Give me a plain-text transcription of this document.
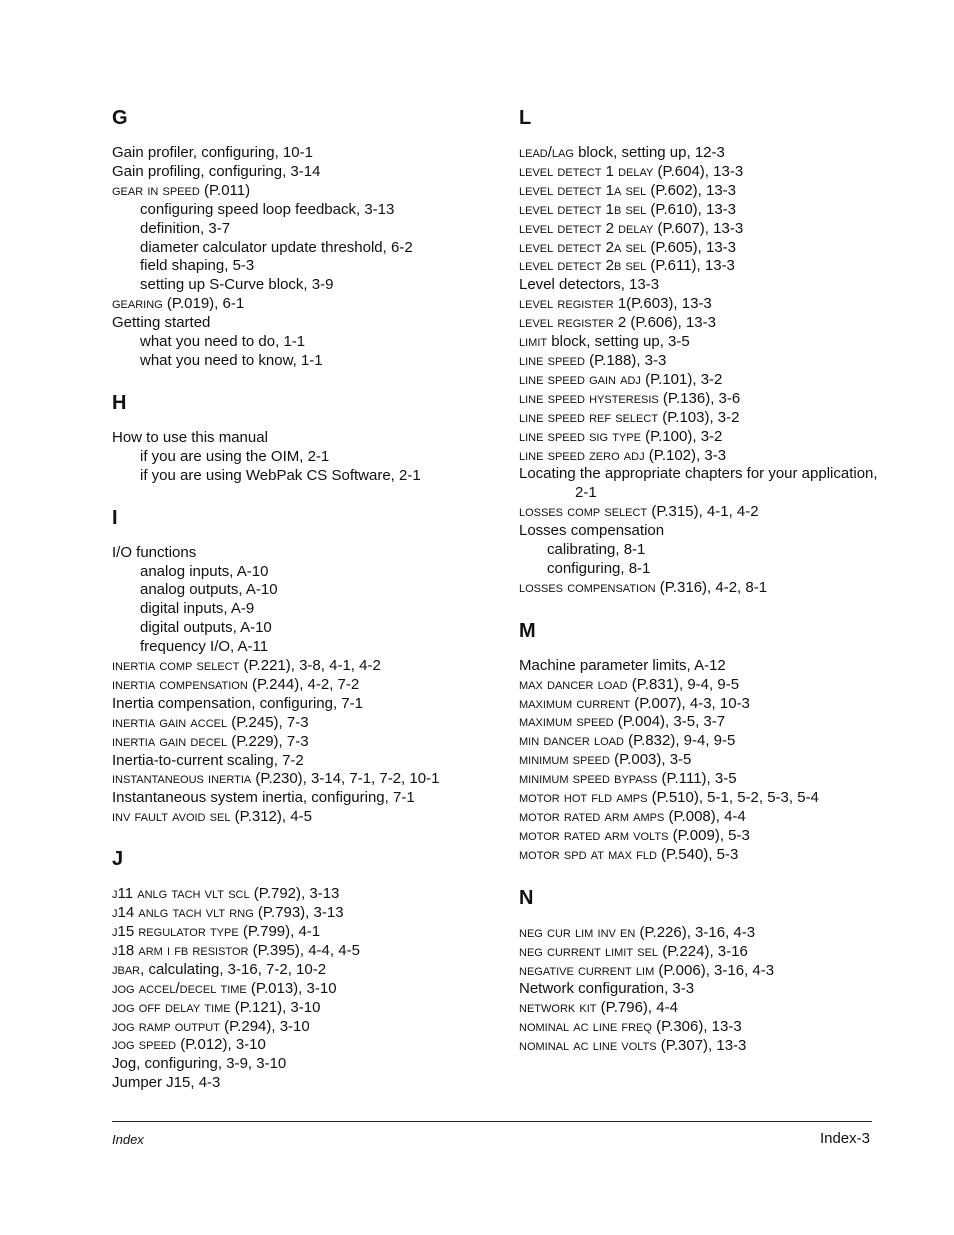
G
Gain profiler, configuring, 10-1
Gain profiling, configuring, 3-14
gear in speed (P.011)
configuring speed loop feedback, 3-13
definition, 3-7
diameter calculator update threshold, 6-2
field shaping, 5-3
setting up S-Curve block, 3-9
gearing (P.019), 6-1
Getting started
what you need to do, 1-1
what you need to know, 1-1
H
How to use this manual
if you are using the OIM, 2-1
if you are using WebPak CS Software, 2-1
I
I/O functions
analog inputs, A-10
analog outputs, A-10
digital inputs, A-9
digital outputs, A-10
frequency I/O, A-11
inertia comp select (P.221), 3-8, 4-1, 4-2
inertia compensation (P.244), 4-2, 7-2
Inertia compensation, configuring, 7-1
inertia gain accel (P.245), 7-3
inertia gain decel (P.229), 7-3
Inertia-to-current scaling, 7-2
instantaneous inertia (P.230), 3-14, 7-1, 7-2, 10-1
Instantaneous system inertia, configuring, 7-1
inv fault avoid sel (P.312), 4-5
J
j11 anlg tach vlt scl (P.792), 3-13
j14 anlg tach vlt rng (P.793), 3-13
j15 regulator type (P.799), 4-1
j18 arm i fb resistor (P.395), 4-4, 4-5
jbar, calculating, 3-16, 7-2, 10-2
jog accel/decel time (P.013), 3-10
jog off delay time (P.121), 3-10
jog ramp output (P.294), 3-10
jog speed (P.012), 3-10
Jog, configuring, 3-9, 3-10
Jumper J15, 4-3
L
lead/lag block, setting up, 12-3
level detect 1 delay (P.604), 13-3
level detect 1a sel (P.602), 13-3
level detect 1b sel (P.610), 13-3
level detect 2 delay (P.607), 13-3
level detect 2a sel (P.605), 13-3
level detect 2b sel (P.611), 13-3
Level detectors, 13-3
level register 1(P.603), 13-3
level register 2 (P.606), 13-3
limit block, setting up, 3-5
line speed (P.188), 3-3
line speed gain adj (P.101), 3-2
line speed hysteresis (P.136), 3-6
line speed ref select (P.103), 3-2
line speed sig type (P.100), 3-2
line speed zero adj (P.102), 3-3
Locating the appropriate chapters for your application, 2-1
losses comp select (P.315), 4-1, 4-2
Losses compensation
calibrating, 8-1
configuring, 8-1
losses compensation (P.316), 4-2, 8-1
M
Machine parameter limits, A-12
max dancer load (P.831), 9-4, 9-5
maximum current (P.007), 4-3, 10-3
maximum speed (P.004), 3-5, 3-7
min dancer load (P.832), 9-4, 9-5
minimum speed (P.003), 3-5
minimum speed bypass (P.111), 3-5
motor hot fld amps (P.510), 5-1, 5-2, 5-3, 5-4
motor rated arm amps (P.008), 4-4
motor rated arm volts (P.009), 5-3
motor spd at max fld (P.540), 5-3
N
neg cur lim inv en (P.226), 3-16, 4-3
neg current limit sel (P.224), 3-16
negative current lim (P.006), 3-16, 4-3
Network configuration, 3-3
network kit (P.796), 4-4
nominal ac line freq (P.306), 13-3
nominal ac line volts (P.307), 13-3
Index	Index-3
